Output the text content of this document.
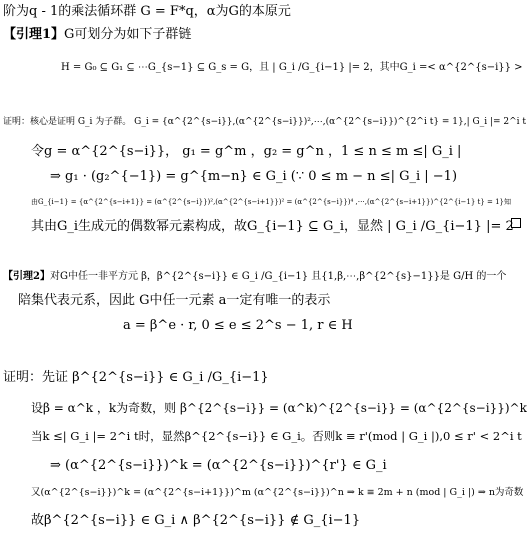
阶为q - 1的乘法循环群 G = F*q，α为G的本原元
【引理1】G可划分为如下子群链
H = G₀ ⊆ G₁ ⊆ ⋯G_{s−1} ⊆ G_s = G，且 | G_i /G_{i−1} |= 2，其中G_i =< α^{2^{s−i}} >
证明：核心是证明 G_i 为子群。 G_i = {α^{2^{s−i}},(α^{2^{s−i}})²,⋯,(α^{2^{s−i}})^{2^i t} = 1},| G_i |= 2^i t
令g = α^{2^{s−i}}， g₁ = g^m ，g₂ = g^n ，1 ≤ n ≤ m ≤| G_i |
⇒ g₁ · (g₂^{−1}) = g^{m−n} ∈ G_i (∵ 0 ≤ m − n ≤| G_i | −1)
由G_{i−1} = {α^{2^{s−i+1}} = (α^{2^{s−i}})²,(α^{2^{s−i+1}})² = (α^{2^{s−i}})⁴ ,⋯,(α^{2^{s−i+1}})^{2^{i−1} t} = 1}知
其由G_i生成元的偶数幂元素构成，故G_{i−1} ⊆ G_i，显然 | G_i /G_{i−1} |= 2
【引理2】对G中任一非平方元 β，β^{2^{s−i}} ∈ G_i /G_{i−1} 且{1,β,⋯,β^{2^{s}−1}}是 G/H 的一个
陪集代表元系，因此 G中任一元素 a一定有唯一的表示
a = β^e · r, 0 ≤ e ≤ 2^s − 1, r ∈ H
证明：先证 β^{2^{s−i}} ∈ G_i /G_{i−1}
设β = α^k ，k为奇数，则 β^{2^{s−i}} = (α^k)^{2^{s−i}} = (α^{2^{s−i}})^k
当k ≤| G_i |= 2^i t时，显然β^{2^{s−i}} ∈ G_i。否则k ≡ r'(mod | G_i |),0 ≤ r' < 2^i t
⇒ (α^{2^{s−i}})^k = (α^{2^{s−i}})^{r'} ∈ G_i
又(α^{2^{s−i}})^k = (α^{2^{s−i+1}})^m (α^{2^{s−i}})^n ⇒ k ≡ 2m + n (mod | G_i |) ⇒ n为奇数
故β^{2^{s−i}} ∈ G_i ∧ β^{2^{s−i}} ∉ G_{i−1}
